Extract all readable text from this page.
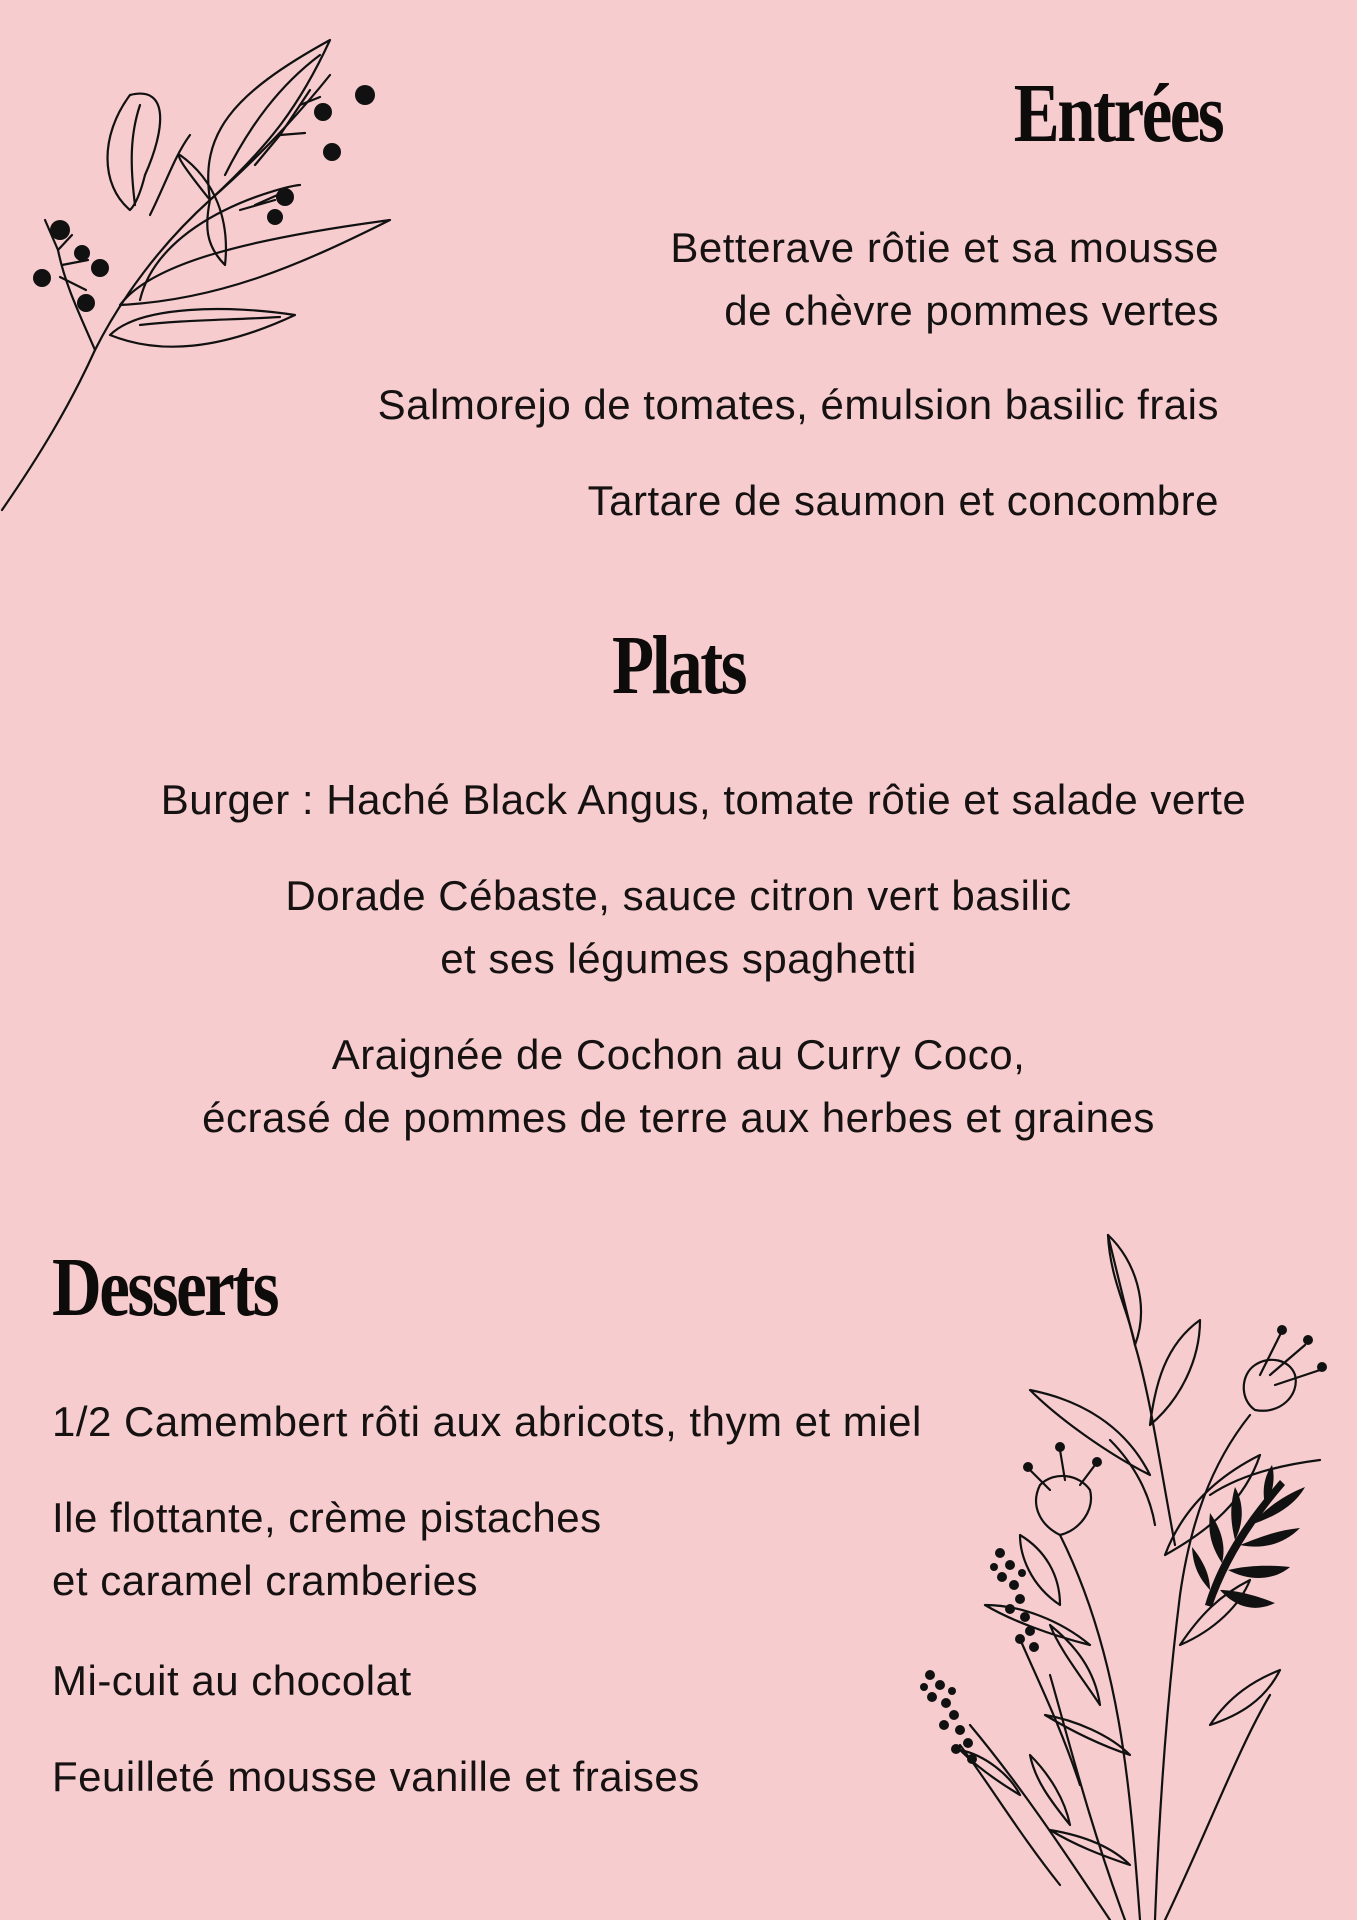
Entrées
Betterave rôtie et sa mousse
de chèvre pommes vertes
Salmorejo de tomates, émulsion basilic frais
Tartare de saumon et concombre
Plats
Burger : Haché Black Angus, tomate rôtie et salade verte
Dorade Cébaste, sauce citron vert basilic
et ses légumes spaghetti
Araignée de Cochon au Curry Coco,
écrasé de pommes de terre aux herbes et graines
Desserts
1/2 Camembert rôti aux abricots, thym et miel
Ile flottante, crème pistaches
et caramel cramberies
Mi-cuit au chocolat
Feuilleté mousse vanille et fraises
